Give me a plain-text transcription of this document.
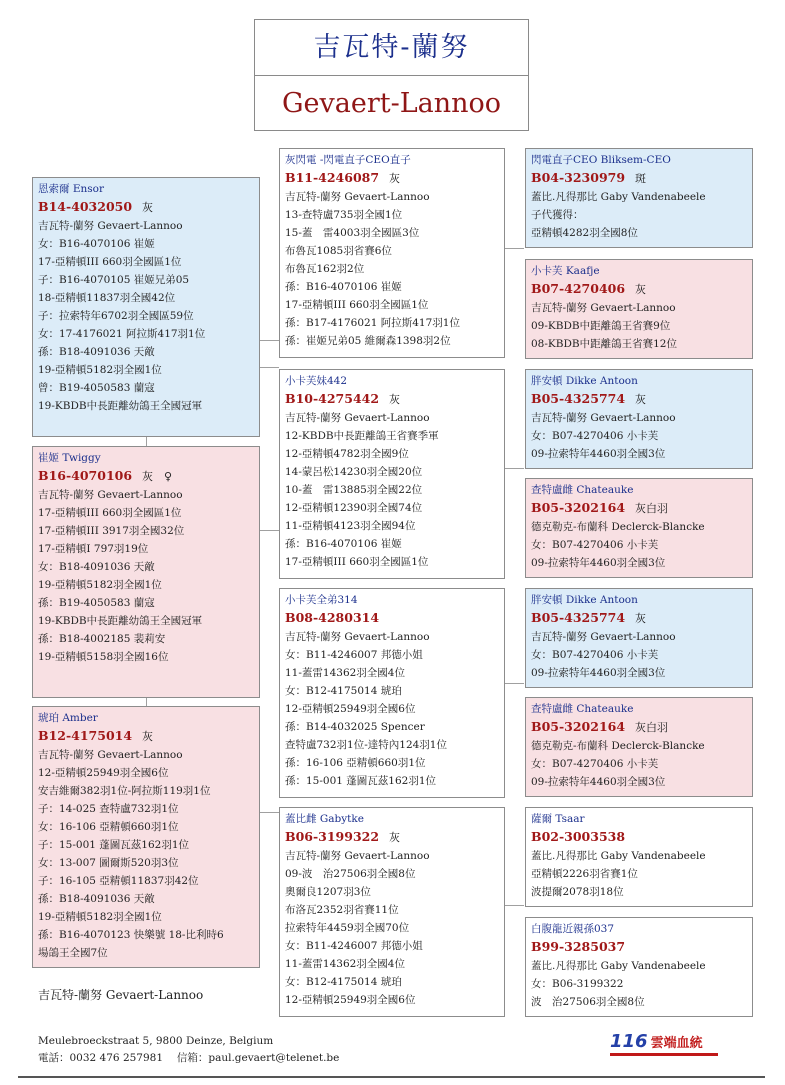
吉瓦特-蘭努
Gevaert-Lannoo
恩索爾 Ensor
B14-4032050 灰
吉瓦特-蘭努 Gevaert-Lannoo
女：B16-4070106 崔姬
17-亞精頓III 660羽全國區1位
子：B16-4070105 崔姬兄弟05
18-亞精頓11837羽全國42位
子：拉索特年6702羽全國區59位
女：17-4176021 阿拉斯417羽1位
孫：B18-4091036 天敵
19-亞精頓5182羽全國1位
曾：B19-4050583 蘭寇
19-KBDB中長距離幼鴿王全國冠軍
崔姬 Twiggy
B16-4070106 灰　♀
吉瓦特-蘭努 Gevaert-Lannoo
17-亞精頓III 660羽全國區1位
17-亞精頓III 3917羽全國32位
17-亞精頓I 797羽19位
女：B18-4091036 天敵
19-亞精頓5182羽全國1位
孫：B19-4050583 蘭寇
19-KBDB中長距離幼鴿王全國冠軍
孫：B18-4002185 裴莉安
19-亞精頓5158羽全國16位
琥珀 Amber
B12-4175014 灰
吉瓦特-蘭努 Gevaert-Lannoo
12-亞精頓25949羽全國6位
安吉維爾382羽1位-阿拉斯119羽1位
子：14-025 查特盧732羽1位
女：16-106 亞精頓660羽1位
子：15-001 蓬圖瓦茲162羽1位
女：13-007 圖爾斯520羽3位
子：16-105 亞精頓11837羽42位
孫：B18-4091036 天敵
19-亞精頓5182羽全國1位
孫：B16-4070123 快樂號 18-比利時6
場鴿王全國7位
灰閃電 -閃電直子CEO直子
B11-4246087 灰
吉瓦特-蘭努 Gevaert-Lannoo
13-查特盧735羽全國1位
15-蓋　雷4003羽全國區3位
布魯瓦1085羽省賽6位
布魯瓦162羽2位
孫：B16-4070106 崔姬
17-亞精頓III 660羽全國區1位
孫：B17-4176021 阿拉斯417羽1位
孫：崔姬兄弟05 維爾森1398羽2位
小卡芙妹442
B10-4275442 灰
吉瓦特-蘭努 Gevaert-Lannoo
12-KBDB中長距離鴿王省賽季軍
12-亞精頓4782羽全國9位
14-蒙呂松14230羽全國20位
10-蓋　雷13885羽全國22位
12-亞精頓12390羽全國74位
11-亞精頓4123羽全國94位
孫：B16-4070106 崔姬
17-亞精頓III 660羽全國區1位
小卡芙全弟314
B08-4280314
吉瓦特-蘭努 Gevaert-Lannoo
女：B11-4246007 邦德小姐
11-蓋雷14362羽全國4位
女：B12-4175014 琥珀
12-亞精頓25949羽全國6位
孫：B14-4032025 Spencer
查特盧732羽1位-達特內124羽1位
孫：16-106 亞精頓660羽1位
孫：15-001 蓬圖瓦茲162羽1位
蓋比雌 Gabytke
B06-3199322 灰
吉瓦特-蘭努 Gevaert-Lannoo
09-波　治27506羽全國8位
奧爾良1207羽3位
布洛瓦2352羽省賽11位
拉索特年4459羽全國70位
女：B11-4246007 邦德小姐
11-蓋雷14362羽全國4位
女：B12-4175014 琥珀
12-亞精頓25949羽全國6位
閃電直子CEO Bliksem-CEO
B04-3230979 斑
蓋比.凡得那比 Gaby Vandenabeele
子代獲得：
亞精頓4282羽全國8位
小卡芙 Kaafje
B07-4270406 灰
吉瓦特-蘭努 Gevaert-Lannoo
09-KBDB中距離鴿王省賽9位
08-KBDB中距離鴿王省賽12位
胖安頓 Dikke Antoon
B05-4325774 灰
吉瓦特-蘭努 Gevaert-Lannoo
女：B07-4270406 小卡芙
09-拉索特年4460羽全國3位
查特盧雌 Chateauke
B05-3202164 灰白羽
德克勒克-布蘭科 Declerck-Blancke
女：B07-4270406 小卡芙
09-拉索特年4460羽全國3位
胖安頓 Dikke Antoon
B05-4325774 灰
吉瓦特-蘭努 Gevaert-Lannoo
女：B07-4270406 小卡芙
09-拉索特年4460羽全國3位
查特盧雌 Chateauke
B05-3202164 灰白羽
德克勒克-布蘭科 Declerck-Blancke
女：B07-4270406 小卡芙
09-拉索特年4460羽全國3位
薩爾 Tsaar
B02-3003538
蓋比.凡得那比 Gaby Vandenabeele
亞精頓2226羽省賽1位
波提爾2078羽18位
白腹龍近親孫037
B99-3285037
蓋比.凡得那比 Gaby Vandenabeele
女：B06-3199322
波　治27506羽全國8位
吉瓦特-蘭努 Gevaert-Lannoo
Meulebroeckstraat 5, 9800 Deinze, Belgium
電話：0032 476 257981　 信箱：paul.gevaert@telenet.be
116 雲端血統
